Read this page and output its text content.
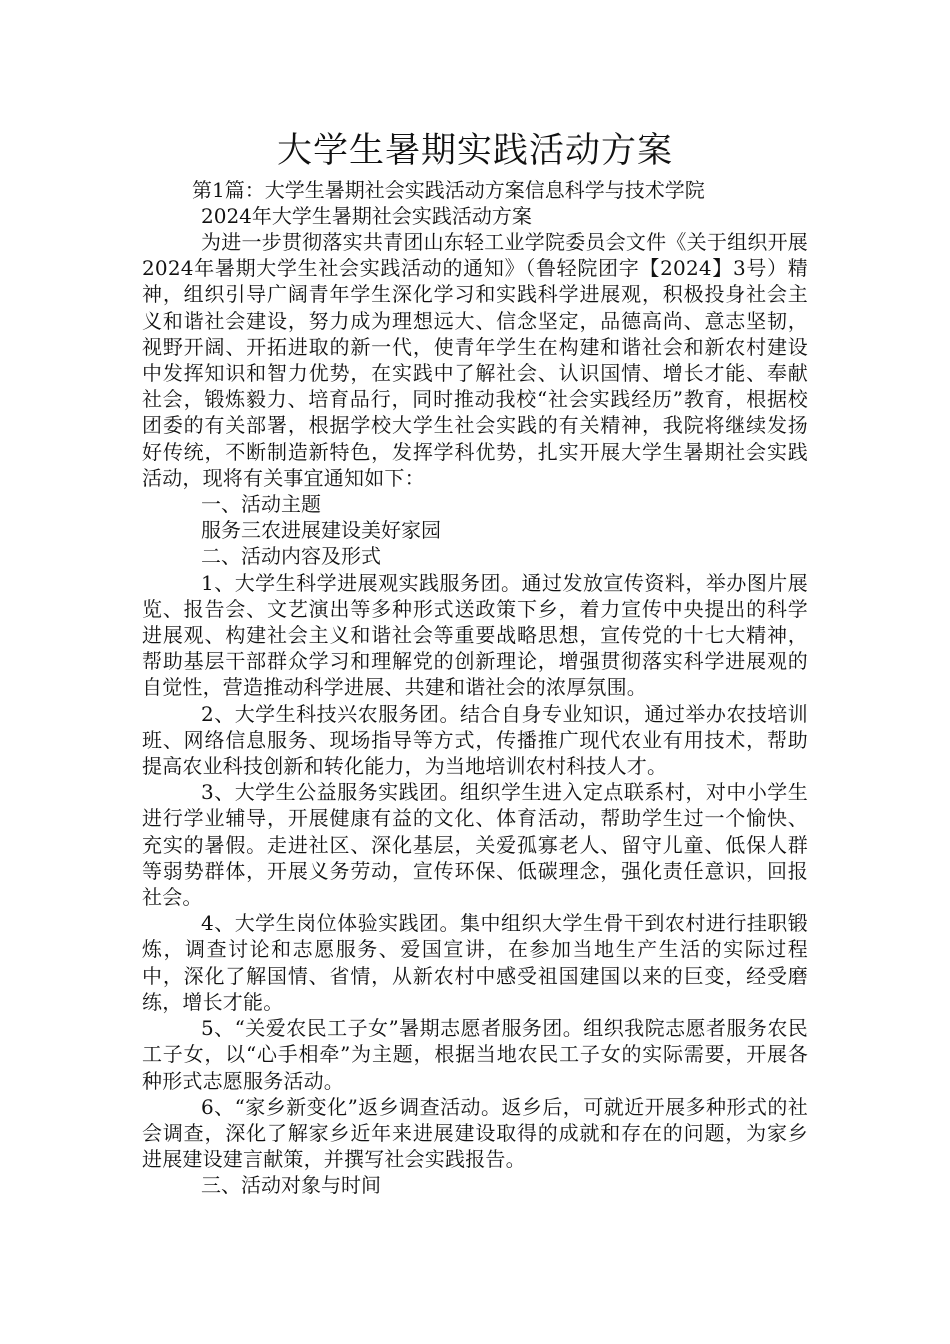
大学生暑期实践活动方案

第1篇：大学生暑期社会实践活动方案信息科学与技术学院

2024年大学生暑期社会实践活动方案

为进一步贯彻落实共青团山东轻工业学院委员会文件《关于组织开展2024年暑期大学生社会实践活动的通知》（鲁轻院团字【2024】3号）精神，组织引导广阔青年学生深化学习和实践科学进展观，积极投身社会主义和谐社会建设，努力成为理想远大、信念坚定，品德高尚、意志坚韧，视野开阔、开拓进取的新一代，使青年学生在构建和谐社会和新农村建设中发挥知识和智力优势，在实践中了解社会、认识国情、增长才能、奉献社会，锻炼毅力、培育品行，同时推动我校“社会实践经历”教育，根据校团委的有关部署，根据学校大学生社会实践的有关精神，我院将继续发扬好传统，不断制造新特色，发挥学科优势，扎实开展大学生暑期社会实践活动，现将有关事宜通知如下：

一、活动主题

服务三农进展建设美好家园

二、活动内容及形式

1、大学生科学进展观实践服务团。通过发放宣传资料，举办图片展览、报告会、文艺演出等多种形式送政策下乡，着力宣传中央提出的科学进展观、构建社会主义和谐社会等重要战略思想，宣传党的十七大精神，帮助基层干部群众学习和理解党的创新理论，增强贯彻落实科学进展观的自觉性，营造推动科学进展、共建和谐社会的浓厚氛围。

2、大学生科技兴农服务团。结合自身专业知识，通过举办农技培训班、网络信息服务、现场指导等方式，传播推广现代农业有用技术，帮助提高农业科技创新和转化能力，为当地培训农村科技人才。

3、大学生公益服务实践团。组织学生进入定点联系村，对中小学生进行学业辅导，开展健康有益的文化、体育活动，帮助学生过一个愉快、充实的暑假。走进社区、深化基层，关爱孤寡老人、留守儿童、低保人群等弱势群体，开展义务劳动，宣传环保、低碳理念，强化责任意识，回报社会。

4、大学生岗位体验实践团。集中组织大学生骨干到农村进行挂职锻炼，调查讨论和志愿服务、爱国宣讲，在参加当地生产生活的实际过程中，深化了解国情、省情，从新农村中感受祖国建国以来的巨变，经受磨练，增长才能。

5、“关爱农民工子女”暑期志愿者服务团。组织我院志愿者服务农民工子女，以“心手相牵”为主题，根据当地农民工子女的实际需要，开展各种形式志愿服务活动。

6、“家乡新变化”返乡调查活动。返乡后，可就近开展多种形式的社会调查，深化了解家乡近年来进展建设取得的成就和存在的问题，为家乡进展建设建言献策，并撰写社会实践报告。

三、活动对象与时间
